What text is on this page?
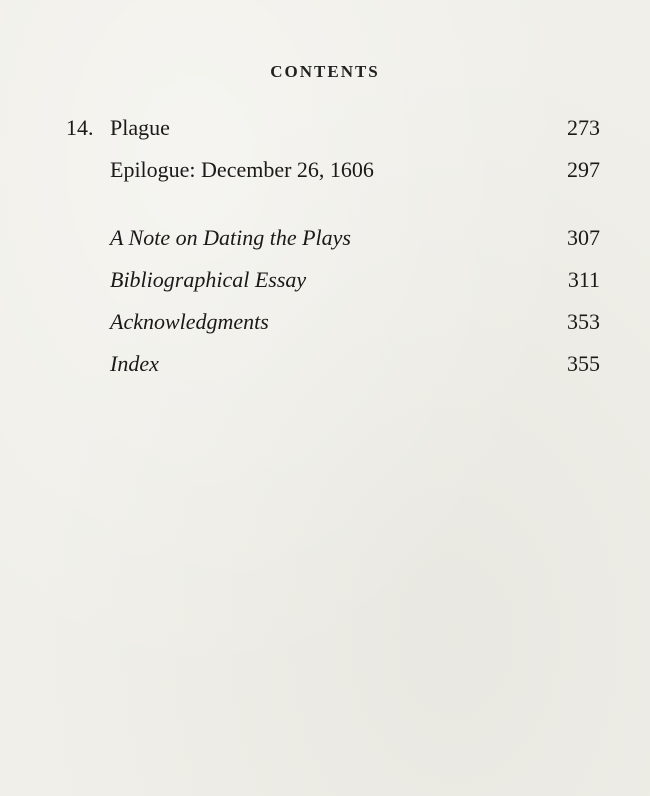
CONTENTS
14. Plague	273
Epilogue: December 26, 1606	297
A Note on Dating the Plays	307
Bibliographical Essay	311
Acknowledgments	353
Index	355
